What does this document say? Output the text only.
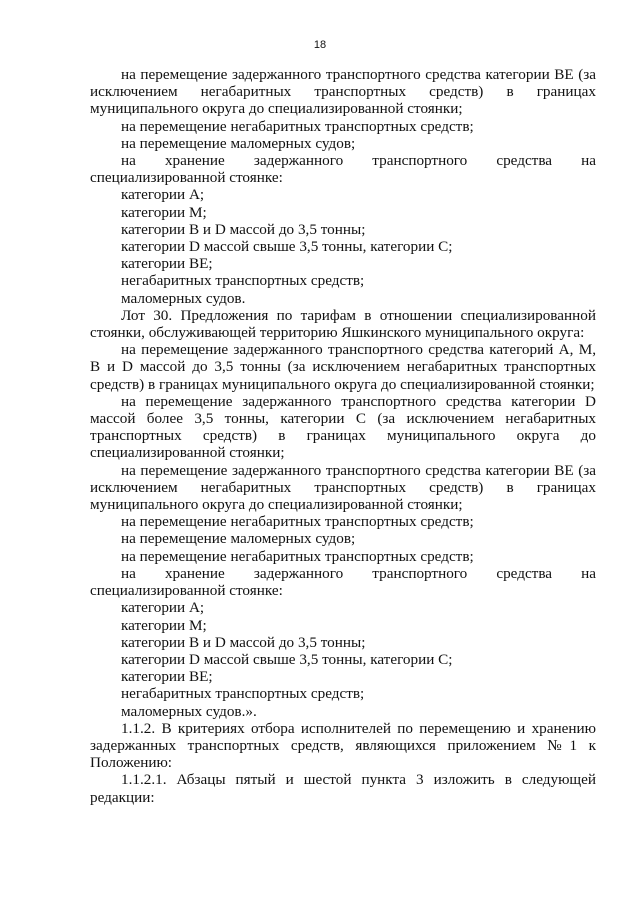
18

на перемещение задержанного транспортного средства категории ВЕ (за исключением негабаритных транспортных средств) в границах муниципального округа до специализированной стоянки;

на перемещение негабаритных транспортных средств;

на перемещение маломерных судов;

на хранение задержанного транспортного средства на специализированной стоянке:

категории А;

категории М;

категории В и D массой до 3,5 тонны;

категории D массой свыше 3,5 тонны, категории С;

категории ВЕ;

негабаритных транспортных средств;

маломерных судов.

Лот 30. Предложения по тарифам в отношении специализированной стоянки, обслуживающей территорию Яшкинского муниципального округа:

на перемещение задержанного транспортного средства категорий А, М, В и D массой до 3,5 тонны (за исключением негабаритных транспортных средств) в границах муниципального округа до специализированной стоянки;

на перемещение задержанного транспортного средства категории D массой более 3,5 тонны, категории С (за исключением негабаритных транспортных средств) в границах муниципального округа до специализированной стоянки;

на перемещение задержанного транспортного средства категории ВЕ (за исключением негабаритных транспортных средств) в границах муниципального округа до специализированной стоянки;

на перемещение негабаритных транспортных средств;

на перемещение маломерных судов;

на перемещение негабаритных транспортных средств;

на хранение задержанного транспортного средства на специализированной стоянке:

категории А;

категории М;

категории В и D массой до 3,5 тонны;

категории D массой свыше 3,5 тонны, категории С;

категории ВЕ;

негабаритных транспортных средств;

маломерных судов.».

1.1.2. В критериях отбора исполнителей по перемещению и хранению задержанных транспортных средств, являющихся приложением №1 к Положению:

1.1.2.1. Абзацы пятый и шестой пункта 3 изложить в следующей редакции:
